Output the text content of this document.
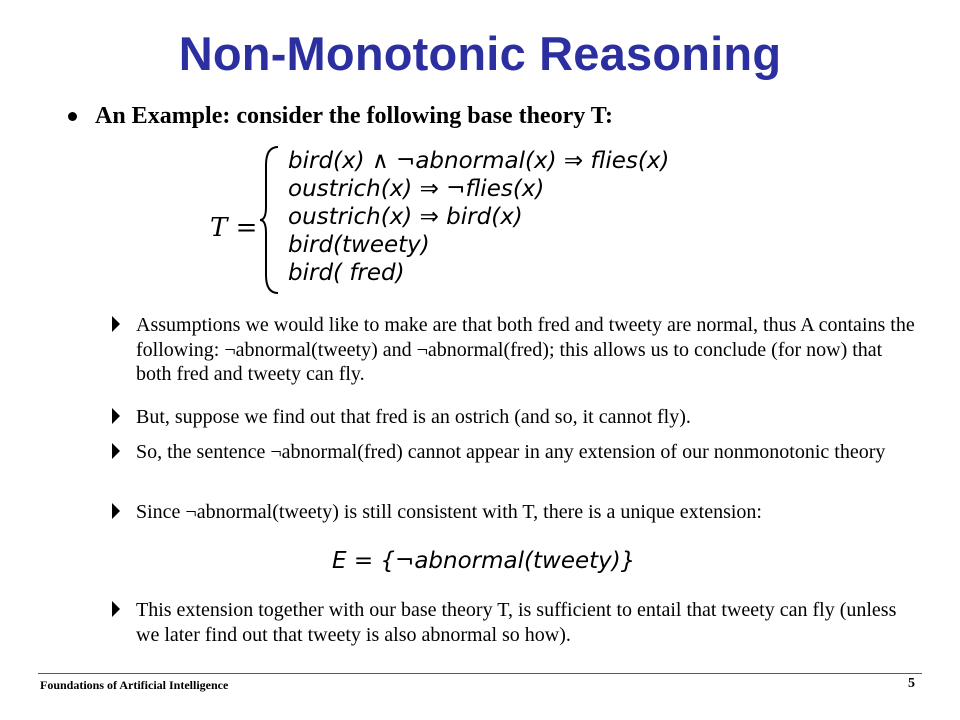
Non-Monotonic Reasoning
An Example: consider the following base theory T:
T =
bird(x) ∧ ¬abnormal(x) ⇒ flies(x)
oustrich(x) ⇒ ¬flies(x)
oustrich(x) ⇒ bird(x)
bird(tweety)
bird( fred)
Assumptions we would like to make are that both fred and tweety are normal, thus A contains the following: ¬abnormal(tweety) and ¬abnormal(fred); this allows us to conclude (for now) that both fred and tweety can fly.
But, suppose we find out that fred is an ostrich (and so, it cannot fly).
So, the sentence ¬abnormal(fred) cannot appear in any extension of our nonmonotonic theory
Since ¬abnormal(tweety) is still consistent with T, there is a unique extension:
E = {¬abnormal(tweety)}
This extension together with our base theory T, is sufficient to entail that tweety can fly (unless we later find out that tweety is also abnormal so how).
Foundations of Artificial Intelligence	5
